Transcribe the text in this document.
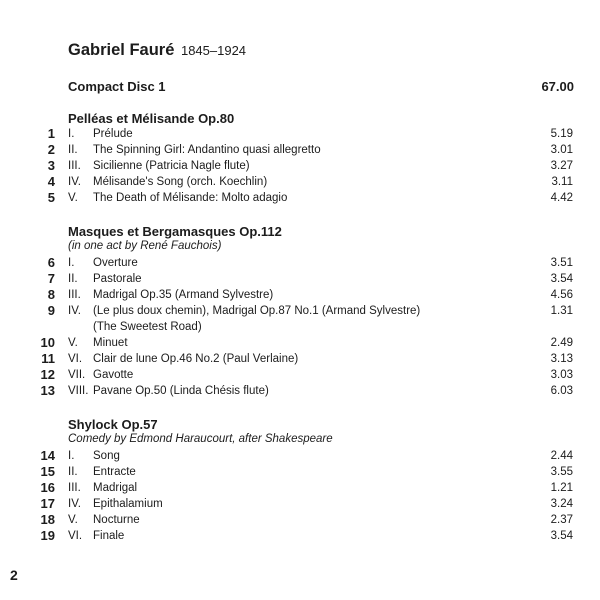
Gabriel Fauré 1845–1924
Compact Disc 1	67.00
Pelléas et Mélisande Op.80
1 I. Prélude	5.19
2 II. The Spinning Girl: Andantino quasi allegretto	3.01
3 III. Sicilienne (Patricia Nagle flute)	3.27
4 IV. Mélisande's Song (orch. Koechlin)	3.11
5 V. The Death of Mélisande: Molto adagio	4.42
Masques et Bergamasques Op.112
(in one act by René Fauchois)
6 I. Overture	3.51
7 II. Pastorale	3.54
8 III. Madrigal Op.35 (Armand Sylvestre)	4.56
9 IV. (Le plus doux chemin), Madrigal Op.87 No.1 (Armand Sylvestre)	1.31
(The Sweetest Road)
10 V. Minuet	2.49
11 VI. Clair de lune Op.46 No.2 (Paul Verlaine)	3.13
12 VII. Gavotte	3.03
13 VIII. Pavane Op.50 (Linda Chésis flute)	6.03
Shylock Op.57
Comedy by Edmond Haraucourt, after Shakespeare
14 I. Song	2.44
15 II. Entracte	3.55
16 III. Madrigal	1.21
17 IV. Epithalamium	3.24
18 V. Nocturne	2.37
19 VI. Finale	3.54
2
